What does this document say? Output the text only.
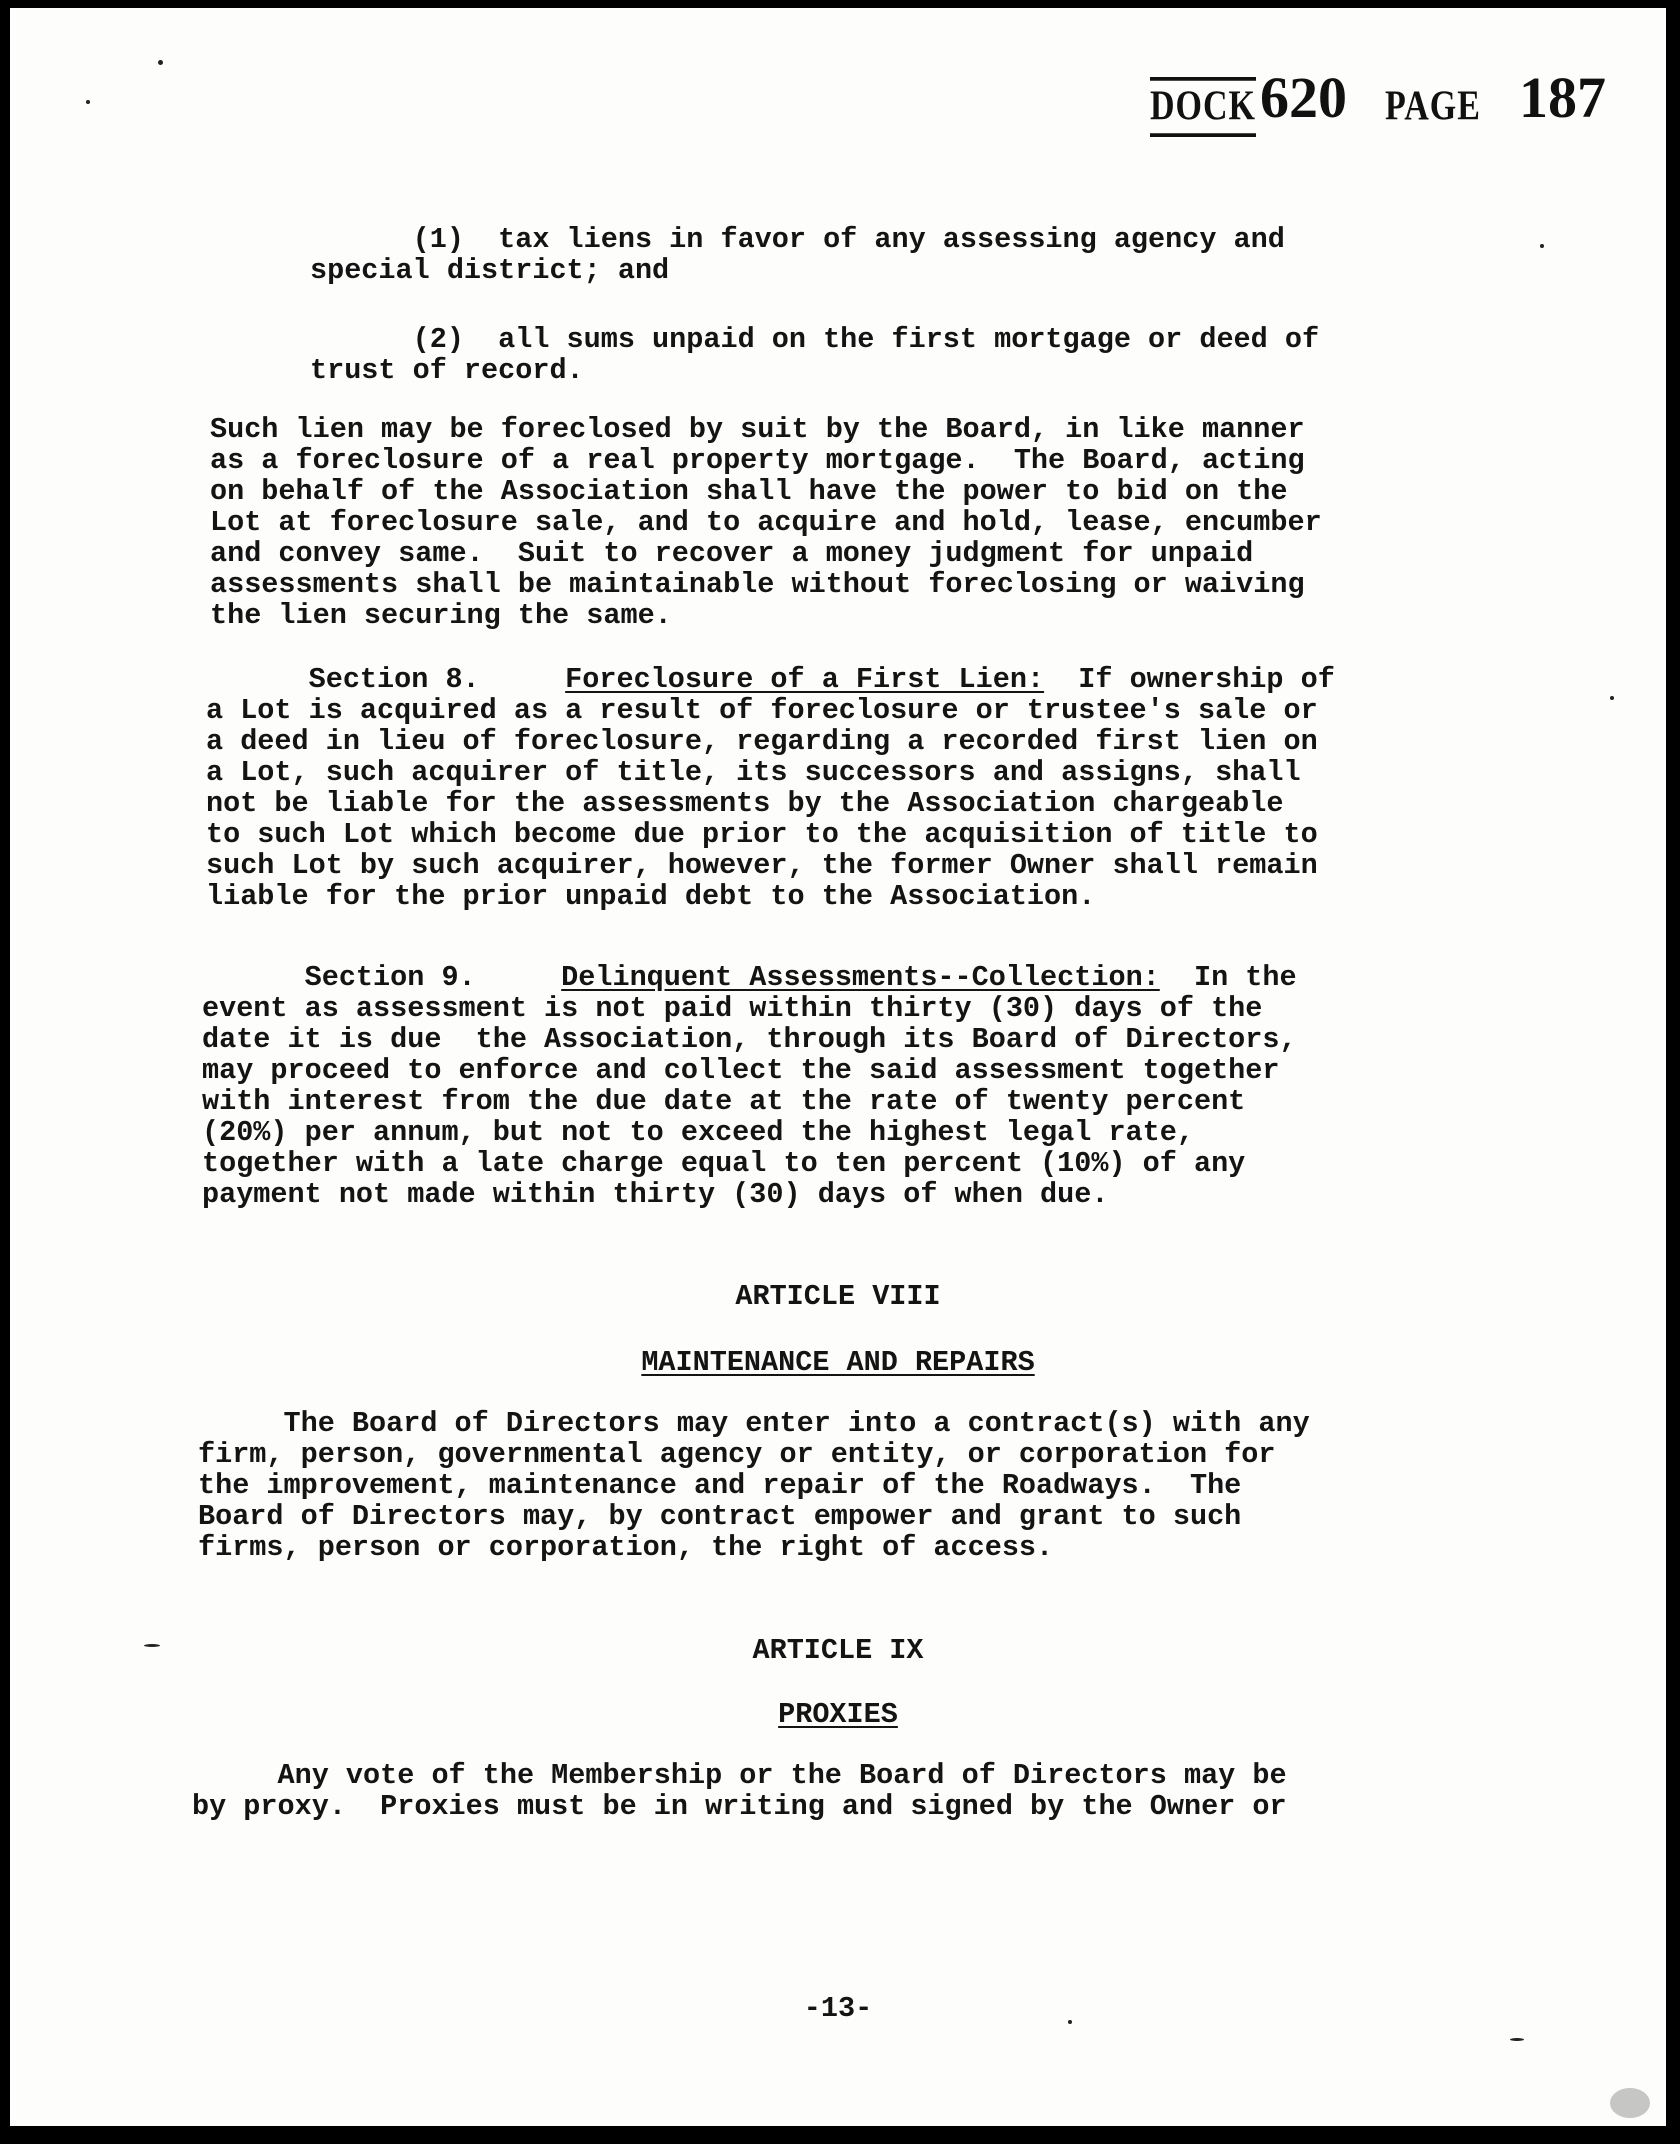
DOCK 620 PAGE 187

(1)  tax liens in favor of any assessing agency and
special district; and

(2)  all sums unpaid on the first mortgage or deed of
trust of record.

Such lien may be foreclosed by suit by the Board, in like manner
as a foreclosure of a real property mortgage.  The Board, acting
on behalf of the Association shall have the power to bid on the
Lot at foreclosure sale, and to acquire and hold, lease, encumber
and convey same.  Suit to recover a money judgment for unpaid
assessments shall be maintainable without foreclosing or waiving
the lien securing the same.

Section 8.     Foreclosure of a First Lien:  If ownership of
a Lot is acquired as a result of foreclosure or trustee's sale or
a deed in lieu of foreclosure, regarding a recorded first lien on
a Lot, such acquirer of title, its successors and assigns, shall
not be liable for the assessments by the Association chargeable
to such Lot which become due prior to the acquisition of title to
such Lot by such acquirer, however, the former Owner shall remain
liable for the prior unpaid debt to the Association.
Section 9.     Delinquent Assessments--Collection:  In the
event as assessment is not paid within thirty (30) days of the
date it is due  the Association, through its Board of Directors,
may proceed to enforce and collect the said assessment together
with interest from the due date at the rate of twenty percent
(20%) per annum, but not to exceed the highest legal rate,
together with a late charge equal to ten percent (10%) of any
payment not made within thirty (30) days of when due.
ARTICLE VIII
MAINTENANCE AND REPAIRS

The Board of Directors may enter into a contract(s) with any
firm, person, governmental agency or entity, or corporation for
the improvement, maintenance and repair of the Roadways.  The
Board of Directors may, by contract empower and grant to such
firms, person or corporation, the right of access.

ARTICLE IX
PROXIES

Any vote of the Membership or the Board of Directors may be
by proxy.  Proxies must be in writing and signed by the Owner or

-13-
